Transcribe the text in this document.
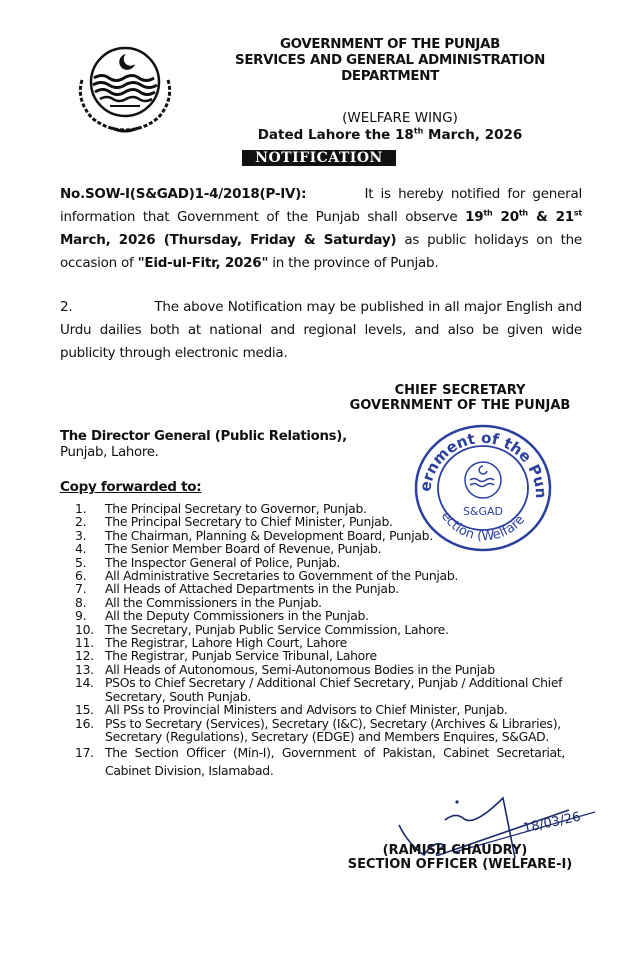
GOVERNMENT OF THE PUNJAB
SERVICES AND GENERAL ADMINISTRATION
DEPARTMENT
(WELFARE WING)
Dated Lahore the 18th March, 2026
NOTIFICATION
No.SOW-I(S&GAD)1-4/2018(P-IV):	It is hereby notified for general information that Government of the Punjab shall observe 19th 20th & 21st March, 2026 (Thursday, Friday & Saturday) as public holidays on the occasion of "Eid-ul-Fitr, 2026" in the province of Punjab.
2.	The above Notification may be published in all major English and Urdu dailies both at national and regional levels, and also be given wide publicity through electronic media.
CHIEF SECRETARY
GOVERNMENT OF THE PUNJAB
The Director General (Public Relations),
Punjab, Lahore.
ernment of the Pun
S&GAD
ection (Welfare
Copy forwarded to:
1.	The Principal Secretary to Governor, Punjab.
2.	The Principal Secretary to Chief Minister, Punjab.
3.	The Chairman, Planning & Development Board, Punjab.
4.	The Senior Member Board of Revenue, Punjab.
5.	The Inspector General of Police, Punjab.
6.	All Administrative Secretaries to Government of the Punjab.
7.	All Heads of Attached Departments in the Punjab.
8.	All the Commissioners in the Punjab.
9.	All the Deputy Commissioners in the Punjab.
10. The Secretary, Punjab Public Service Commission, Lahore.
11. The Registrar, Lahore High Court, Lahore
12. The Registrar, Punjab Service Tribunal, Lahore
13. All Heads of Autonomous, Semi-Autonomous Bodies in the Punjab
14. PSOs to Chief Secretary / Additional Chief Secretary, Punjab / Additional Chief Secretary, South Punjab.
15. All PSs to Provincial Ministers and Advisors to Chief Minister, Punjab.
16. PSs to Secretary (Services), Secretary (I&C), Secretary (Archives & Libraries), Secretary (Regulations), Secretary (EDGE) and Members Enquires, S&GAD.
17. The Section Officer (Min-I), Government of Pakistan, Cabinet Secretariat, Cabinet Division, Islamabad.
18/03/26
(RAMISH CHAUDRY)
SECTION OFFICER (WELFARE-I)
